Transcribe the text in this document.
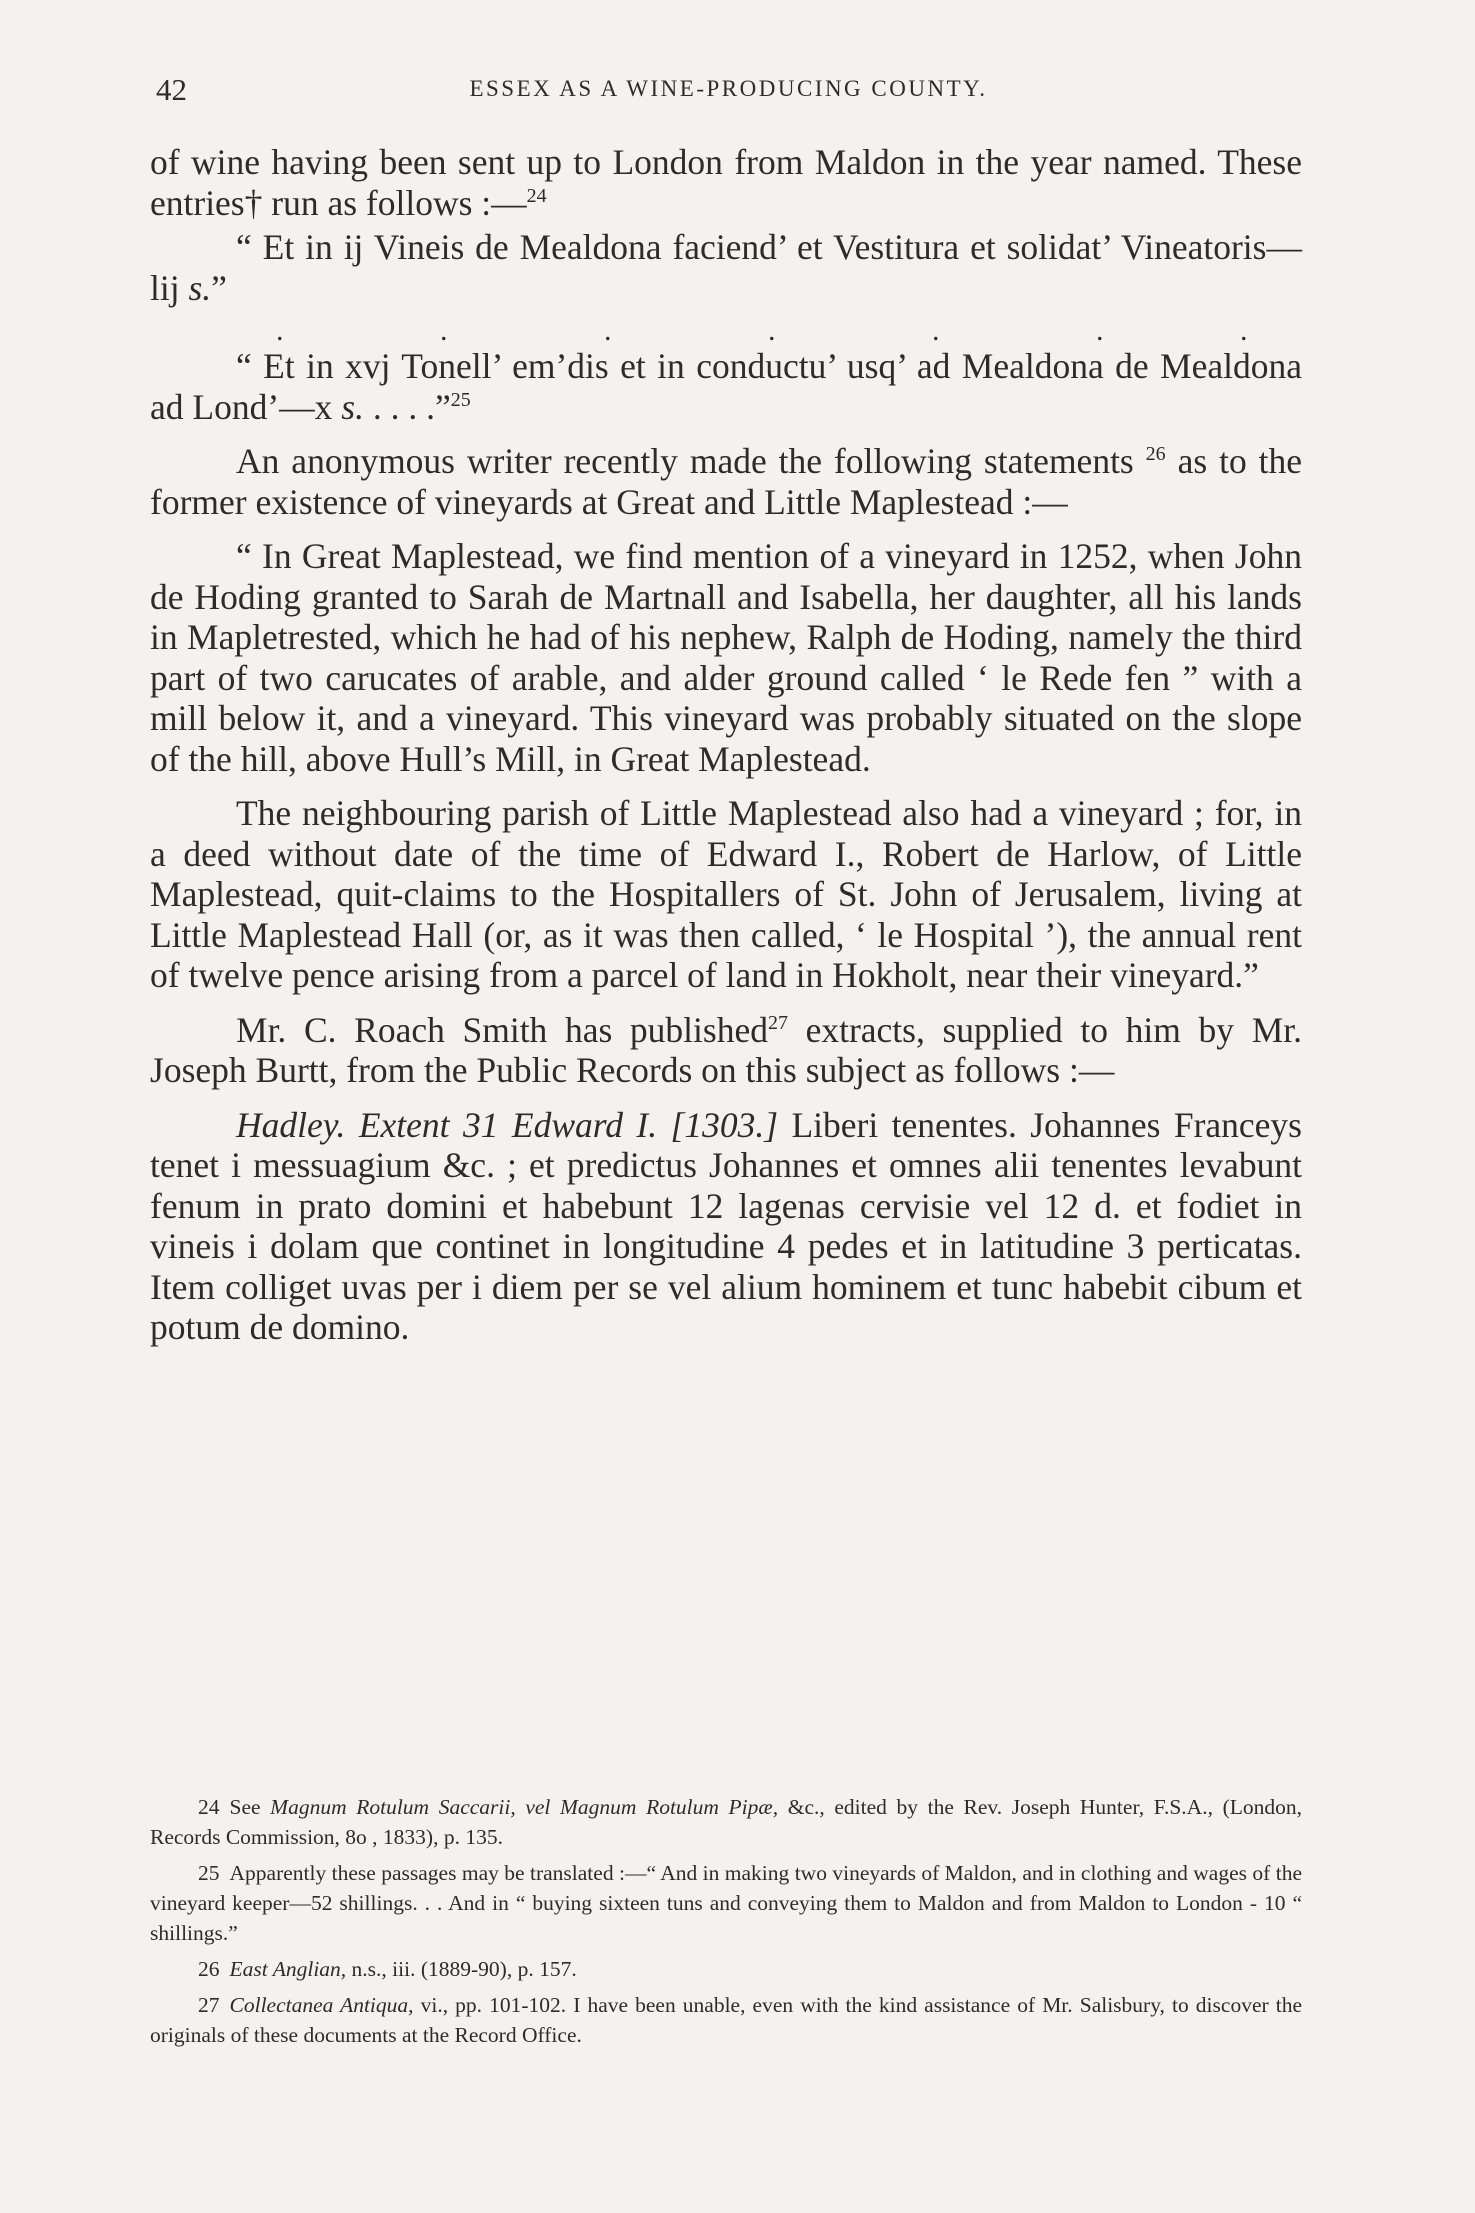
42	ESSEX AS A WINE-PRODUCING COUNTY.

of wine having been sent up to London from Maldon in the year named. These entries† run as follows :—$^{24}$

“ Et in ij Vineis de Mealdona faciend’ et Vestitura et solidat’ Vineatoris—lij s.”

.	.	.	.	.	.	.

“ Et in xvj Tonell’ em’dis et in conductu’ usq’ ad Mealdona de Mealdona ad Lond’—x s. . . . .”$^{25}$

An anonymous writer recently made the following statements $^{26}$ as to the former existence of vineyards at Great and Little Maplestead :—

“ In Great Maplestead, we find mention of a vineyard in 1252, when John de Hoding granted to Sarah de Martnall and Isabella, her daughter, all his lands in Mapletrested, which he had of his nephew, Ralph de Hoding, namely the third part of two carucates of arable, and alder ground called ‘ le Rede fen ” with a mill below it, and a vineyard. This vineyard was probably situated on the slope of the hill, above Hull’s Mill, in Great Maplestead.

The neighbouring parish of Little Maplestead also had a vineyard ; for, in a deed without date of the time of Edward I., Robert de Harlow, of Little Maplestead, quit-claims to the Hospitallers of St. John of Jerusalem, living at Little Maplestead Hall (or, as it was then called, ‘ le Hospital ’), the annual rent of twelve pence arising from a parcel of land in Hokholt, near their vineyard.”

Mr. C. Roach Smith has published$^{27}$ extracts, supplied to him by Mr. Joseph Burtt, from the Public Records on this subject as follows :—

Hadley. Extent 31 Edward I. [1303.] Liberi tenentes. Johannes Franceys tenet i messuagium &c. ; et predictus Johannes et omnes alii tenentes levabunt fenum in prato domini et habebunt 12 lagenas cervisie vel 12 d. et fodiet in vineis i dolam que continet in longitudine 4 pedes et in latitudine 3 perticatas. Item colliget uvas per i diem per se vel alium hominem et tunc habebit cibum et potum de domino.

24 See Magnum Rotulum Saccarii, vel Magnum Rotulum Pipæ, &c., edited by the Rev. Joseph Hunter, F.S.A., (London, Records Commission, 8o , 1833), p. 135.

25 Apparently these passages may be translated :—“ And in making two vineyards of Maldon, and in clothing and wages of the vineyard keeper—52 shillings. . . And in “ buying sixteen tuns and conveying them to Maldon and from Maldon to London - 10 “ shillings.”

26 East Anglian, n.s., iii. (1889-90), p. 157.

27 Collectanea Antiqua, vi., pp. 101-102. I have been unable, even with the kind assistance of Mr. Salisbury, to discover the originals of these documents at the Record Office.
